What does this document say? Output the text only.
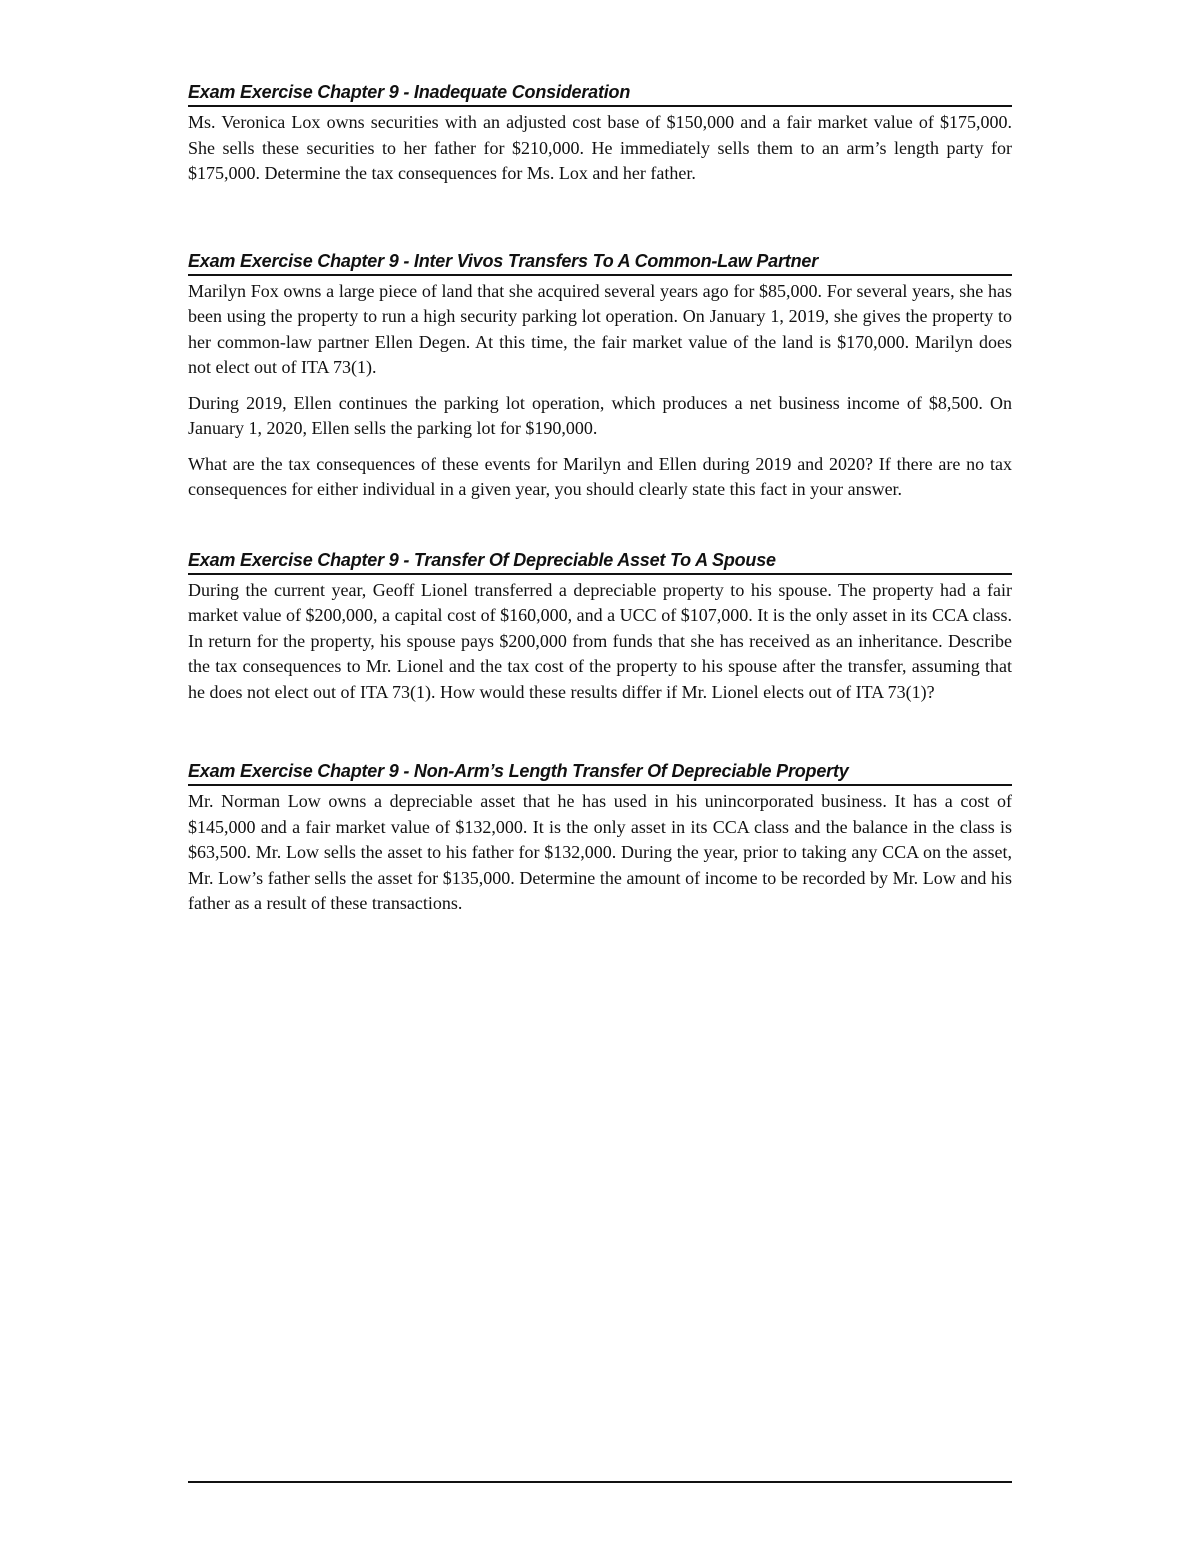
Exam Exercise Chapter 9 - Inadequate Consideration

Ms. Veronica Lox owns securities with an adjusted cost base of $150,000 and a fair market value of $175,000. She sells these securities to her father for $210,000. He immediately sells them to an arm’s length party for $175,000. Determine the tax consequences for Ms. Lox and her father.

Exam Exercise Chapter 9 - Inter Vivos Transfers To A Common-Law Partner

Marilyn Fox owns a large piece of land that she acquired several years ago for $85,000. For several years, she has been using the property to run a high security parking lot operation. On January 1, 2019, she gives the property to her common-law partner Ellen Degen. At this time, the fair market value of the land is $170,000. Marilyn does not elect out of ITA 73(1).

During 2019, Ellen continues the parking lot operation, which produces a net business income of $8,500. On January 1, 2020, Ellen sells the parking lot for $190,000.

What are the tax consequences of these events for Marilyn and Ellen during 2019 and 2020? If there are no tax consequences for either individual in a given year, you should clearly state this fact in your answer.

Exam Exercise Chapter 9 - Transfer Of Depreciable Asset To A Spouse

During the current year, Geoff Lionel transferred a depreciable property to his spouse. The property had a fair market value of $200,000, a capital cost of $160,000, and a UCC of $107,000. It is the only asset in its CCA class. In return for the property, his spouse pays $200,000 from funds that she has received as an inheritance. Describe the tax consequences to Mr. Lionel and the tax cost of the property to his spouse after the transfer, assuming that he does not elect out of ITA 73(1). How would these results differ if Mr. Lionel elects out of ITA 73(1)?

Exam Exercise Chapter 9 - Non-Arm’s Length Transfer Of Depreciable Property

Mr. Norman Low owns a depreciable asset that he has used in his unincorporated business. It has a cost of $145,000 and a fair market value of $132,000. It is the only asset in its CCA class and the balance in the class is $63,500. Mr. Low sells the asset to his father for $132,000. During the year, prior to taking any CCA on the asset, Mr. Low’s father sells the asset for $135,000. Determine the amount of income to be recorded by Mr. Low and his father as a result of these transactions.
